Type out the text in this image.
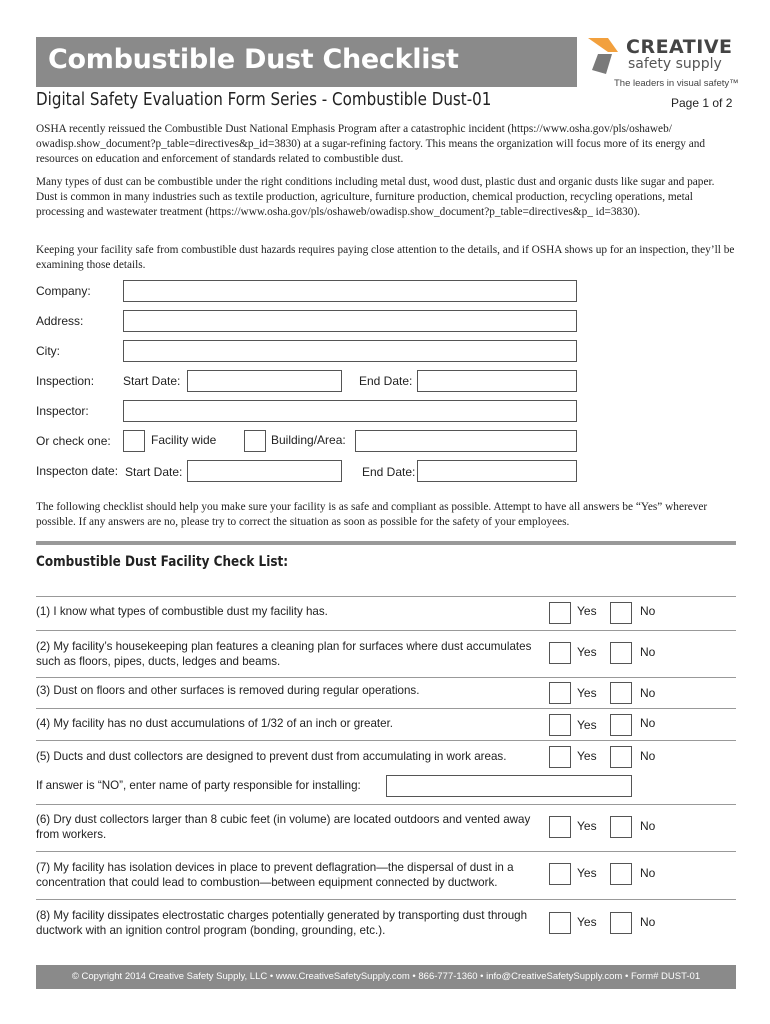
Combustible Dust Checklist	CREATIVE
safety supply
The leaders in visual safety™
Digital Safety Evaluation Form Series - Combustible Dust-01	Page 1 of 2
OSHA recently reissued the Combustible Dust National Emphasis Program after a catastrophic incident (https://www.osha.gov/pls/oshaweb/ owadisp.show_document?p_table=directives&p_id=3830) at a sugar-refining factory. This means the organization will focus more of its energy and resources on education and enforcement of standards related to combustible dust.
Many types of dust can be combustible under the right conditions including metal dust, wood dust, plastic dust and organic dusts like sugar and paper. Dust is common in many industries such as textile production, agriculture, furniture production, chemical production, recycling operations, metal processing and wastewater treatment (https://www.osha.gov/pls/oshaweb/owadisp.show_document?p_table=directives&p_ id=3830).
Keeping your facility safe from combustible dust hazards requires paying close attention to the details, and if OSHA shows up for an inspection, they’ll be examining those details.
Company:
Address:
City:
Inspection: Start Date:	End Date:
Inspector:
Or check one:	Facility wide	Building/Area:
Inspecton date: Start Date:	End Date:
The following checklist should help you make sure your facility is as safe and compliant as possible. Attempt to have all answers be “Yes” wherever possible. If any answers are no, please try to correct the situation as soon as possible for the safety of your employees.
Combustible Dust Facility Check List:
(1) I know what types of combustible dust my facility has.	Yes	No
(2) My facility’s housekeeping plan features a cleaning plan for surfaces where dust accumulates such as floors, pipes, ducts, ledges and beams.
Yes	No
(3) Dust on floors and other surfaces is removed during regular operations.	Yes	No
(4) My facility has no dust accumulations of 1/32 of an inch or greater.	Yes	No
(5) Ducts and dust collectors are designed to prevent dust from accumulating in work areas.	Yes	No
If answer is “NO”, enter name of party responsible for installing:
(6) Dry dust collectors larger than 8 cubic feet (in volume) are located outdoors and vented away from workers.
Yes	No
(7) My facility has isolation devices in place to prevent deflagration—the dispersal of dust in a concentration that could lead to combustion—between equipment connected by ductwork.
Yes	No
(8) My facility dissipates electrostatic charges potentially generated by transporting dust through ductwork with an ignition control program (bonding, grounding, etc.).
Yes	No
© Copyright 2014 Creative Safety Supply, LLC • www.CreativeSafetySupply.com • 866-777-1360 • info@CreativeSafetySupply.com • Form# DUST-01
